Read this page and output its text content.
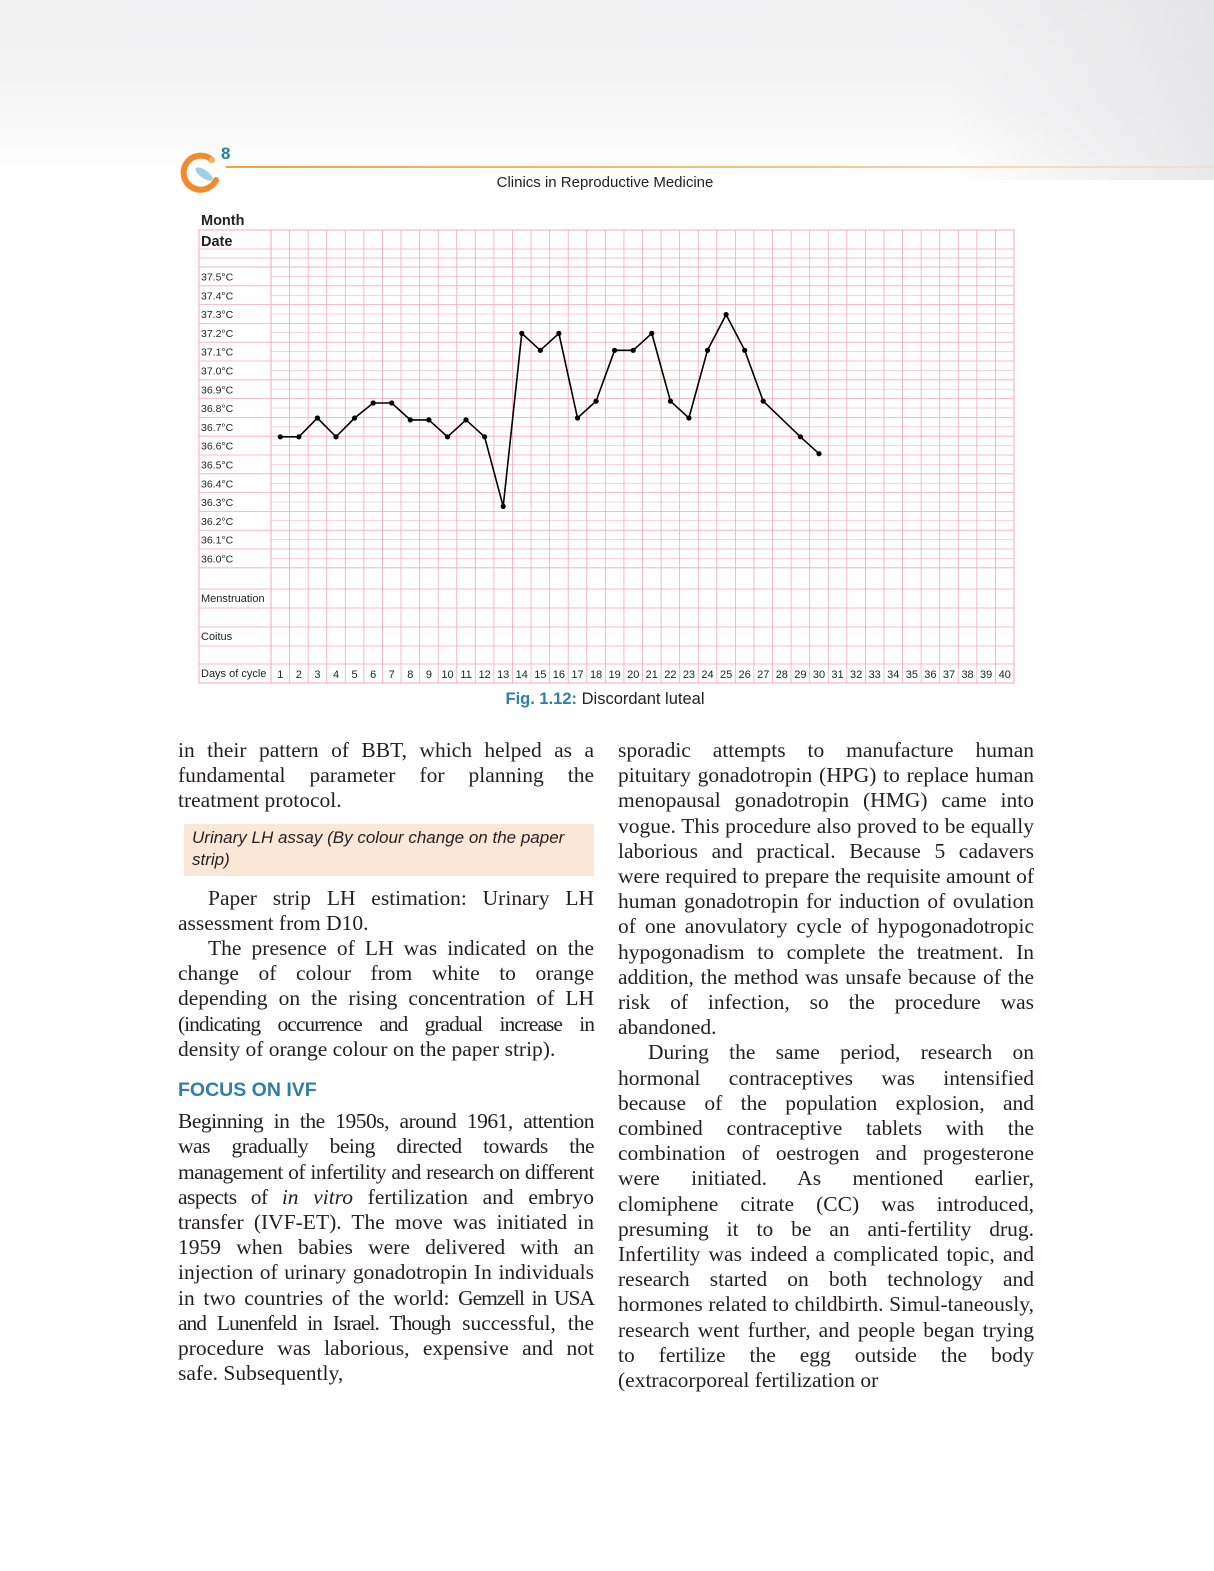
8
Clinics in Reproductive Medicine
Month
Date
37.5°C
37.4°C
37.3°C
37.2°C
37.1°C
37.0°C
36.9°C
36.8°C
36.7°C
36.6°C
36.5°C
36.4°C
36.3°C
36.2°C
36.1°C
36.0°C
Menstruation
Coitus
Days of cycle 1 2 3 4 5 6 7 8 9 10 11 12 13 14 15 16 17 18 19 20 21 22 23 24 25 26 27 28 29 30 31 32 33 34 35 36 37 38 39 40
Fig. 1.12: Discordant luteal

in their pattern of BBT, which helped as a fundamental parameter for planning the treatment protocol.

Urinary LH assay (By colour change on the paper strip)

Paper strip LH estimation: Urinary LH assessment from D10.

The presence of LH was indicated on the change of colour from white to orange depending on the rising concentration of LH (indicating occurrence and gradual increase in density of orange colour on the paper strip).

FOCUS ON IVF

Beginning in the 1950s, around 1961, attention was gradually being directed towards the management of infertility and research on different aspects of in vitro fertilization and embryo transfer (IVF-ET). The move was initiated in 1959 when babies were delivered with an injection of urinary gonadotropin In individuals in two countries of the world: Gemzell in USA and Lunenfeld in Israel. Though successful, the procedure was laborious, expensive and not safe. Subsequently,

sporadic attempts to manufacture human pituitary gonadotropin (HPG) to replace human menopausal gonadotropin (HMG) came into vogue. This procedure also proved to be equally laborious and practical. Because 5 cadavers were required to prepare the requisite amount of human gonadotropin for induction of ovulation of one anovulatory cycle of hypogonadotropic hypogonadism to complete the treatment. In addition, the method was unsafe because of the risk of infection, so the procedure was abandoned.

During the same period, research on hormonal contraceptives was intensified because of the population explosion, and combined contraceptive tablets with the combination of oestrogen and progesterone were initiated. As mentioned earlier, clomiphene citrate (CC) was introduced, presuming it to be an anti-fertility drug. Infertility was indeed a complicated topic, and research started on both technology and hormones related to childbirth. Simul-taneously, research went further, and people began trying to fertilize the egg outside the body (extracorporeal fertilization or
